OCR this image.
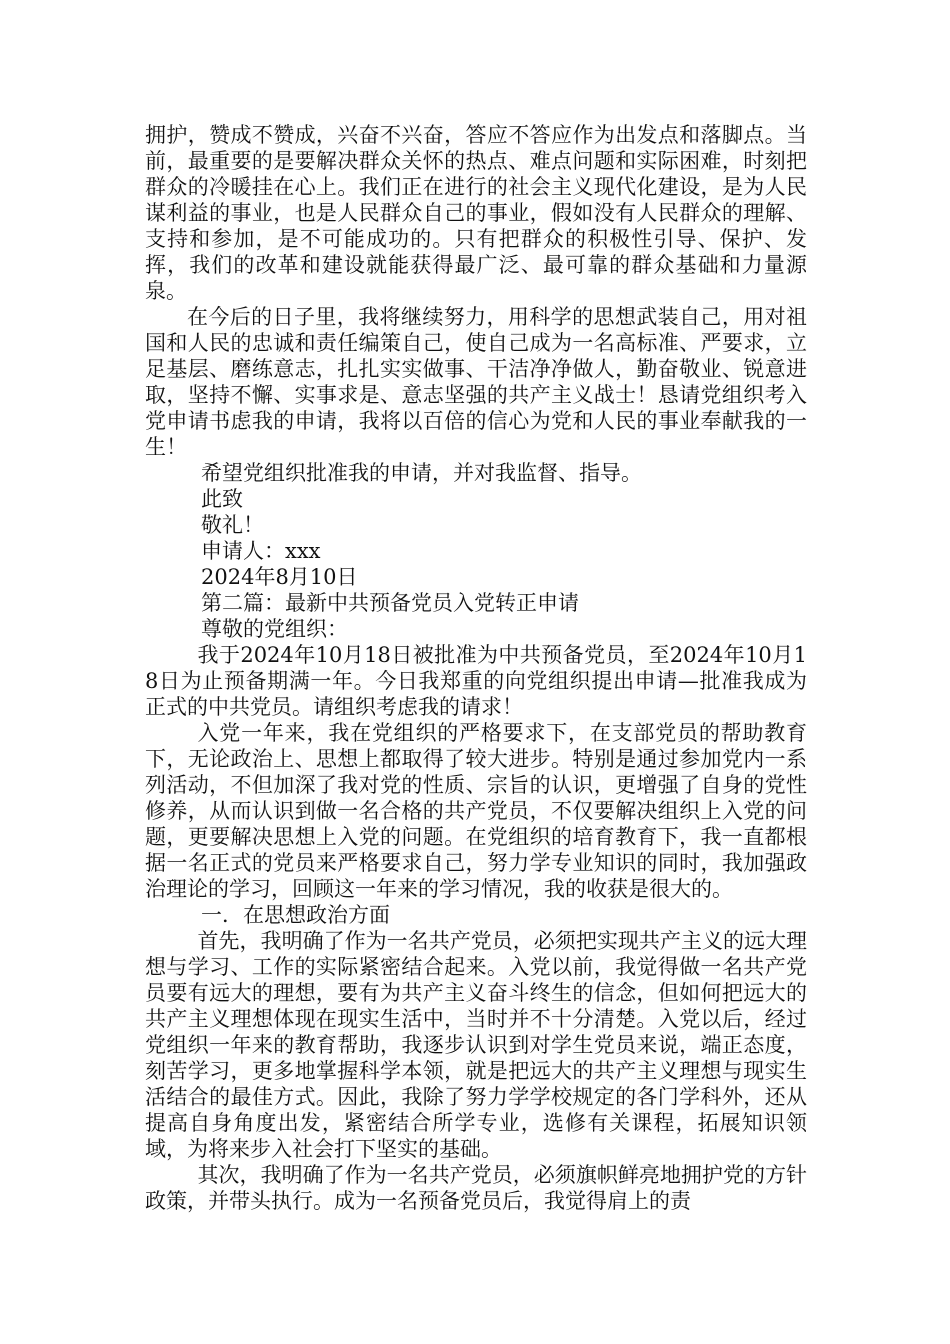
拥护，赞成不赞成，兴奋不兴奋，答应不答应作为出发点和落脚点。当前，最重要的是要解决群众关怀的热点、难点问题和实际困难，时刻把群众的冷暖挂在心上。我们正在进行的社会主义现代化建设，是为人民谋利益的事业，也是人民群众自己的事业，假如没有人民群众的理解、支持和参加，是不可能成功的。只有把群众的积极性引导、保护、发挥，我们的改革和建设就能获得最广泛、最可靠的群众基础和力量源泉。

在今后的日子里，我将继续努力，用科学的思想武装自己，用对祖国和人民的忠诚和责任编策自己，使自己成为一名高标准、严要求，立足基层、磨练意志，扎扎实实做事、干洁净净做人，勤奋敬业、锐意进取，坚持不懈、实事求是、意志坚强的共产主义战士！恳请党组织考入党申请书虑我的申请，我将以百倍的信心为党和人民的事业奉献我的一生！

希望党组织批准我的申请，并对我监督、指导。

此致

敬礼！

申请人：xxx

2024年8月10日

第二篇：最新中共预备党员入党转正申请

尊敬的党组织：

我于2024年10月18日被批准为中共预备党员，至2024年10月18日为止预备期满一年。今日我郑重的向党组织提出申请—批准我成为正式的中共党员。请组织考虑我的请求！

入党一年来，我在党组织的严格要求下，在支部党员的帮助教育下，无论政治上、思想上都取得了较大进步。特别是通过参加党内一系列活动，不但加深了我对党的性质、宗旨的认识，更增强了自身的党性修养，从而认识到做一名合格的共产党员，不仅要解决组织上入党的问题，更要解决思想上入党的问题。在党组织的培育教育下，我一直都根据一名正式的党员来严格要求自己，努力学专业知识的同时，我加强政治理论的学习，回顾这一年来的学习情况，我的收获是很大的。

一．在思想政治方面

首先，我明确了作为一名共产党员，必须把实现共产主义的远大理想与学习、工作的实际紧密结合起来。入党以前，我觉得做一名共产党员要有远大的理想，要有为共产主义奋斗终生的信念，但如何把远大的共产主义理想体现在现实生活中，当时并不十分清楚。入党以后，经过党组织一年来的教育帮助，我逐步认识到对学生党员来说，端正态度，刻苦学习，更多地掌握科学本领，就是把远大的共产主义理想与现实生活结合的最佳方式。因此，我除了努力学学校规定的各门学科外，还从提高自身角度出发，紧密结合所学专业，选修有关课程，拓展知识领域，为将来步入社会打下坚实的基础。

其次，我明确了作为一名共产党员，必须旗帜鲜亮地拥护党的方针政策，并带头执行。成为一名预备党员后，我觉得肩上的责
